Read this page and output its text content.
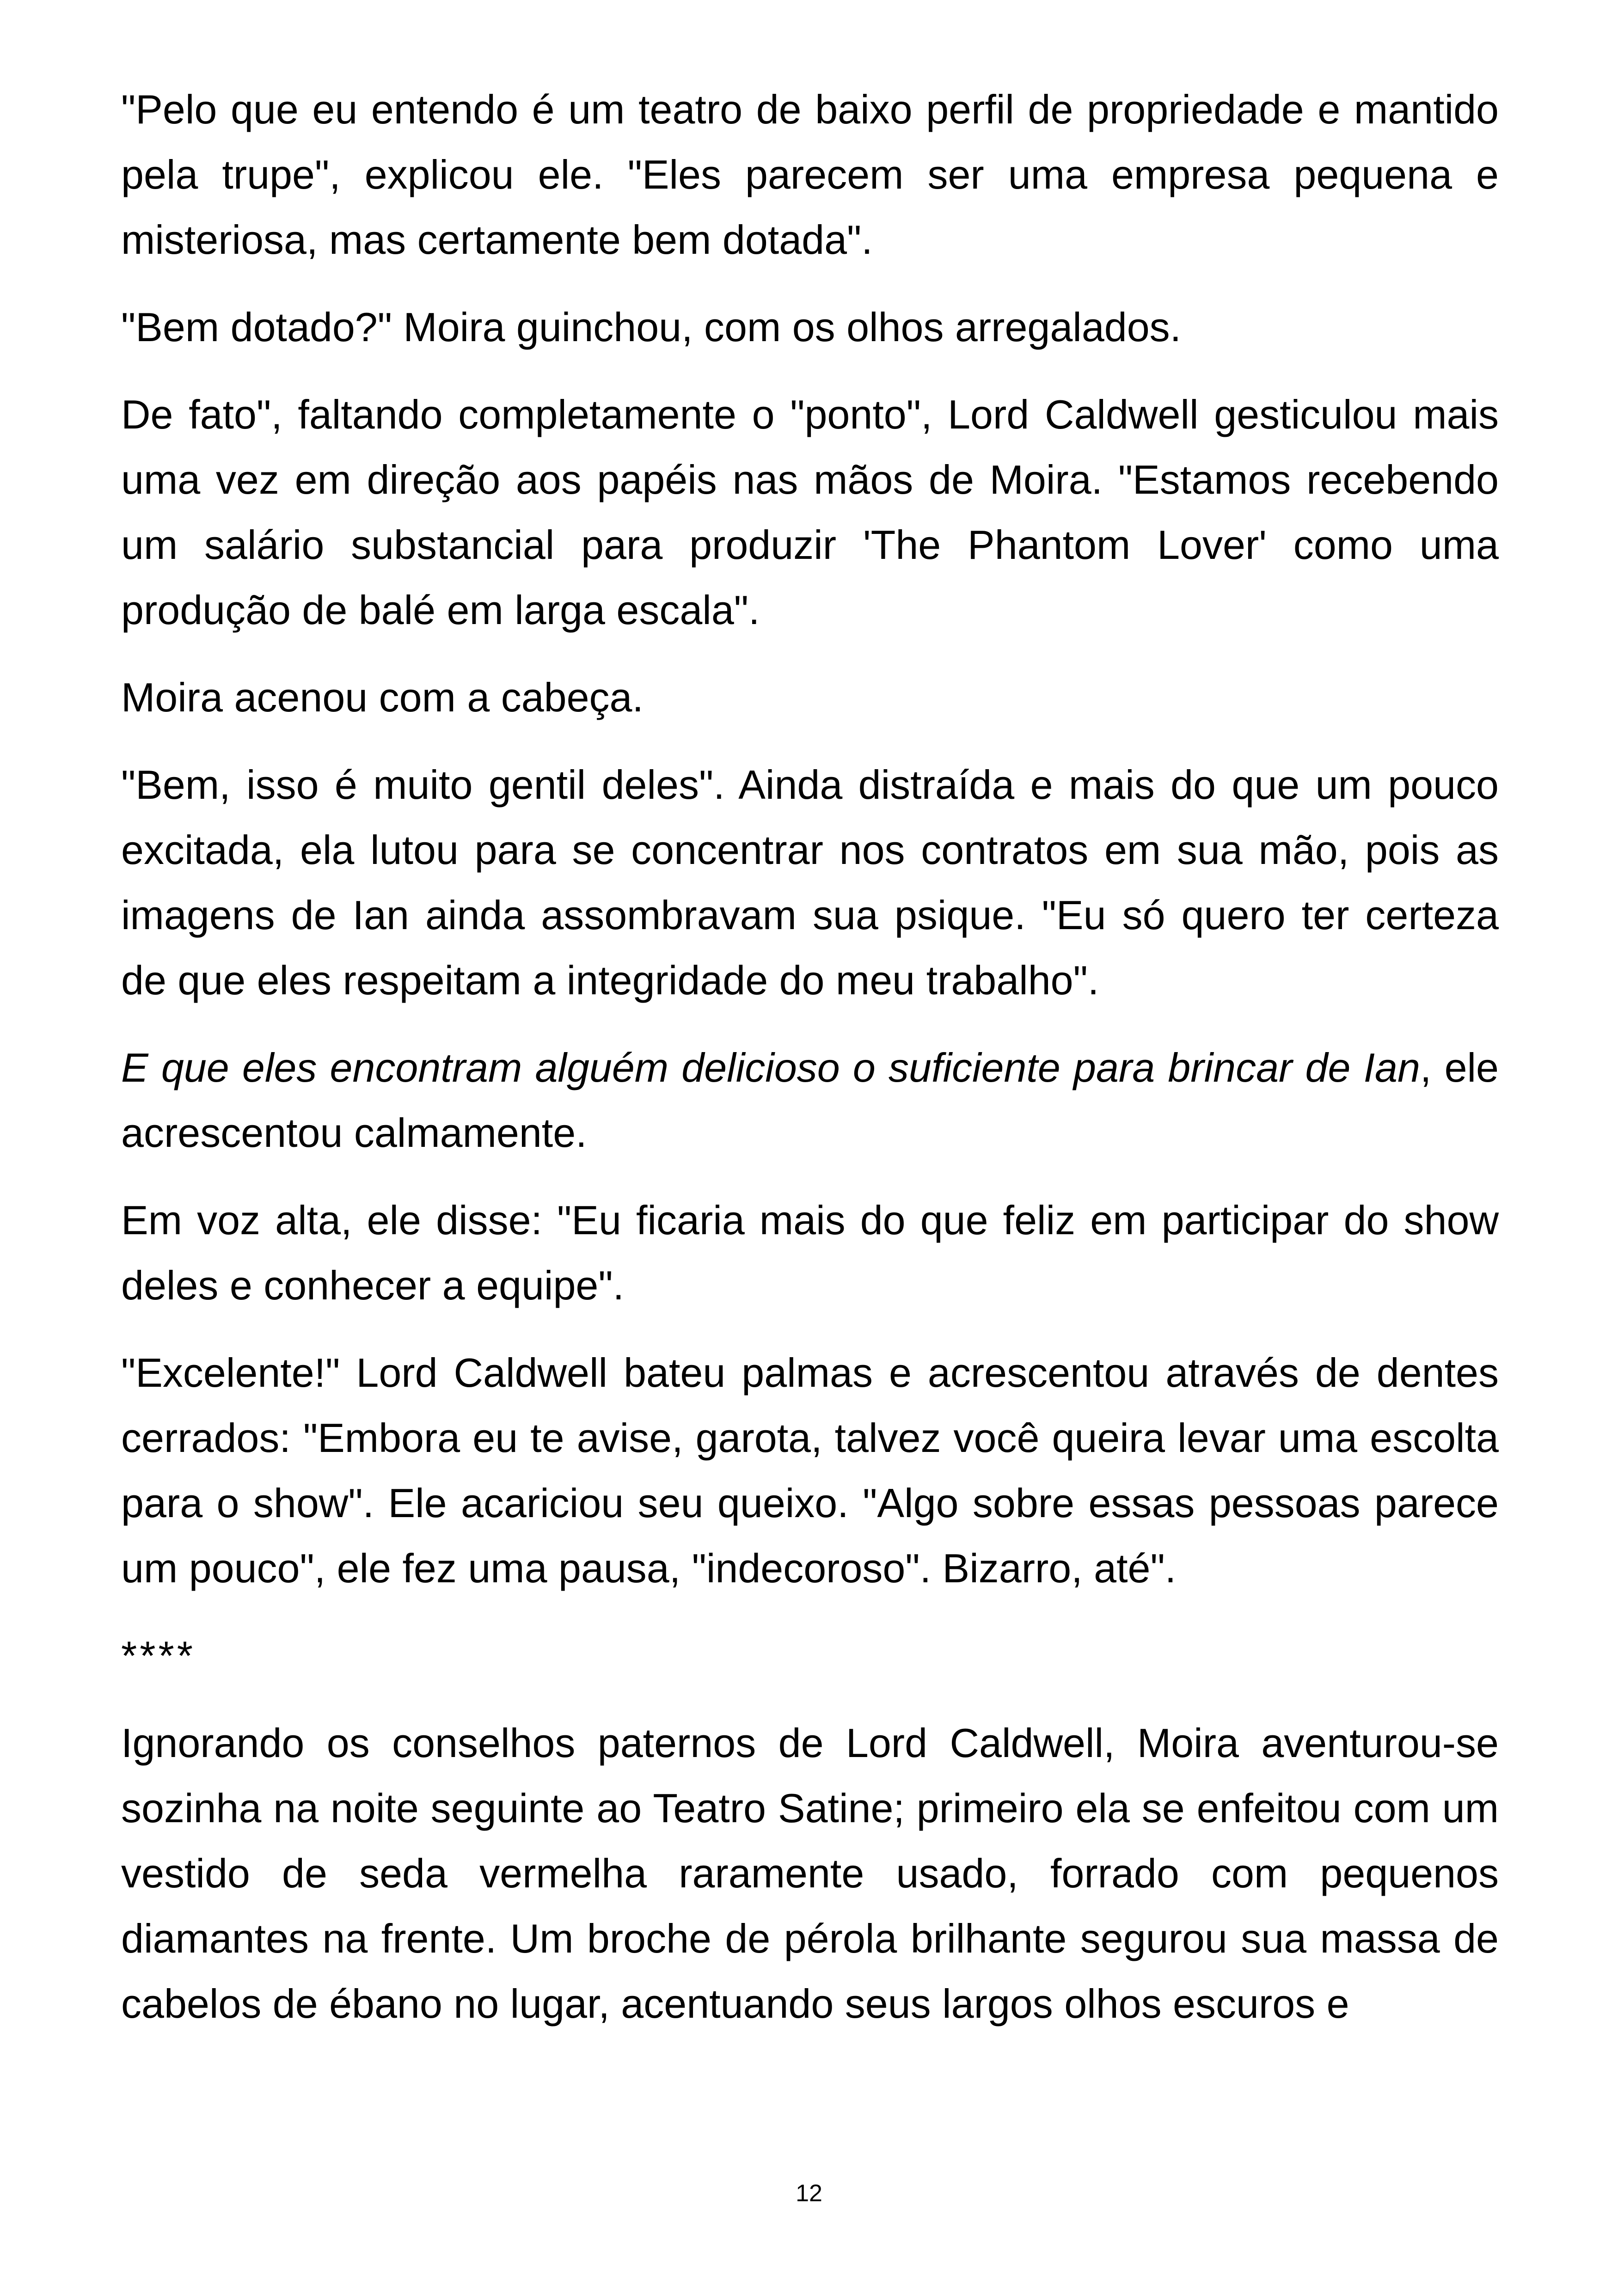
"Pelo que eu entendo é um teatro de baixo perfil de propriedade e mantido pela trupe", explicou ele. "Eles parecem ser uma empresa pequena e misteriosa, mas certamente bem dotada".

"Bem dotado?" Moira guinchou, com os olhos arregalados.

De fato", faltando completamente o "ponto", Lord Caldwell gesticulou mais uma vez em direção aos papéis nas mãos de Moira. "Estamos recebendo um salário substancial para produzir 'The Phantom Lover' como uma produção de balé em larga escala".

Moira acenou com a cabeça.

"Bem, isso é muito gentil deles". Ainda distraída e mais do que um pouco excitada, ela lutou para se concentrar nos contratos em sua mão, pois as imagens de Ian ainda assombravam sua psique. "Eu só quero ter certeza de que eles respeitam a integridade do meu trabalho".

E que eles encontram alguém delicioso o suficiente para brincar de Ian, ele acrescentou calmamente.

Em voz alta, ele disse: "Eu ficaria mais do que feliz em participar do show deles e conhecer a equipe".

"Excelente!" Lord Caldwell bateu palmas e acrescentou através de dentes cerrados: "Embora eu te avise, garota, talvez você queira levar uma escolta para o show". Ele acariciou seu queixo. "Algo sobre essas pessoas parece um pouco", ele fez uma pausa, "indecoroso". Bizarro, até".

****

Ignorando os conselhos paternos de Lord Caldwell, Moira aventurou-se sozinha na noite seguinte ao Teatro Satine; primeiro ela se enfeitou com um vestido de seda vermelha raramente usado, forrado com pequenos diamantes na frente. Um broche de pérola brilhante segurou sua massa de cabelos de ébano no lugar, acentuando seus largos olhos escuros e

12
